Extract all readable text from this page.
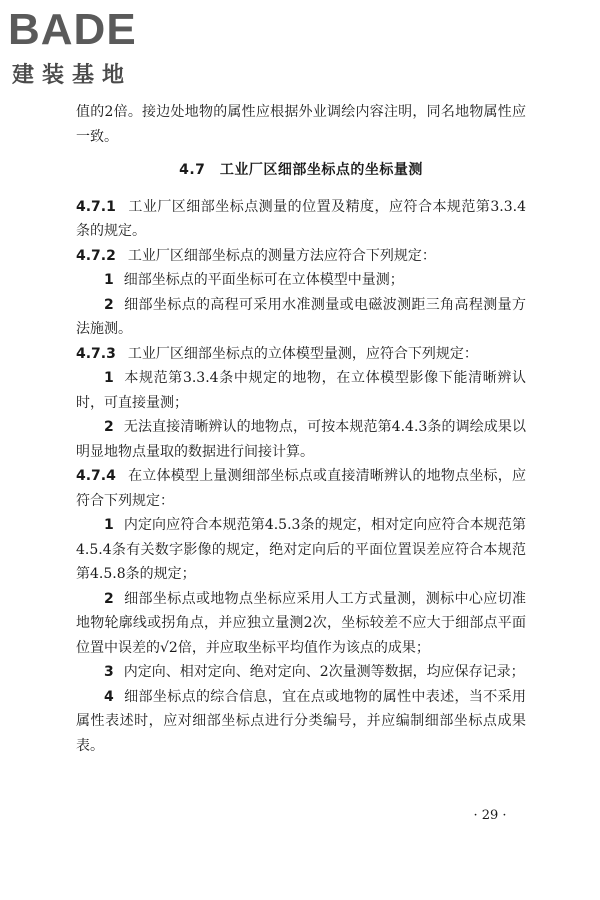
BADE
建装基地

值的2倍。接边处地物的属性应根据外业调绘内容注明，同名地物属性应一致。

4.7　工业厂区细部坐标点的坐标量测

4.7.1 工业厂区细部坐标点测量的位置及精度，应符合本规范第3.3.4条的规定。

4.7.2 工业厂区细部坐标点的测量方法应符合下列规定：

1 细部坐标点的平面坐标可在立体模型中量测；

2 细部坐标点的高程可采用水准测量或电磁波测距三角高程测量方法施测。

4.7.3 工业厂区细部坐标点的立体模型量测，应符合下列规定：

1 本规范第3.3.4条中规定的地物，在立体模型影像下能清晰辨认时，可直接量测；

2 无法直接清晰辨认的地物点，可按本规范第4.4.3条的调绘成果以明显地物点量取的数据进行间接计算。

4.7.4 在立体模型上量测细部坐标点或直接清晰辨认的地物点坐标，应符合下列规定：

1 内定向应符合本规范第4.5.3条的规定，相对定向应符合本规范第4.5.4条有关数字影像的规定，绝对定向后的平面位置误差应符合本规范第4.5.8条的规定；

2 细部坐标点或地物点坐标应采用人工方式量测，测标中心应切准地物轮廓线或拐角点，并应独立量测2次，坐标较差不应大于细部点平面位置中误差的√2倍，并应取坐标平均值作为该点的成果；

3 内定向、相对定向、绝对定向、2次量测等数据，均应保存记录；

4 细部坐标点的综合信息，宜在点或地物的属性中表述，当不采用属性表述时，应对细部坐标点进行分类编号，并应编制细部坐标点成果表。

· 29 ·
